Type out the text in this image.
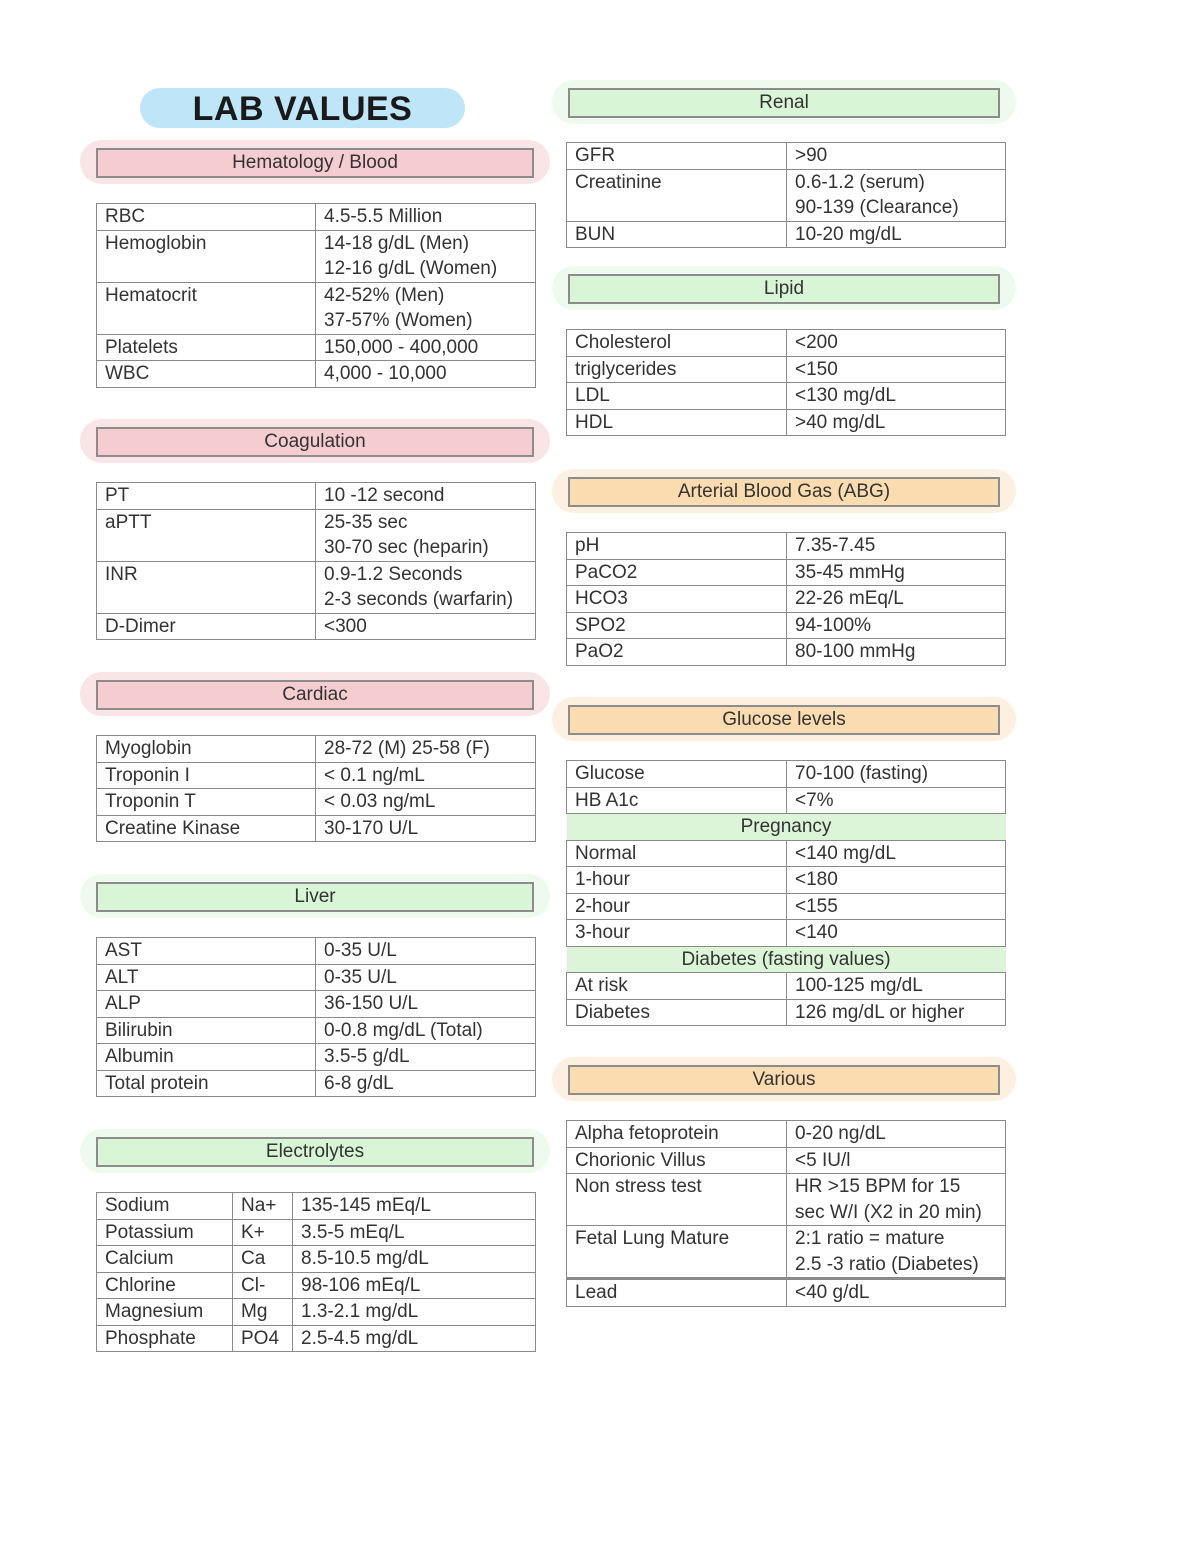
LAB VALUES
Hematology / Blood
RBC	4.5-5.5 Million

Hemoglobin	14-18 g/dL (Men)
12-16 g/dL (Women)

Hematocrit	42-52% (Men)
37-57% (Women)

Platelets	150,000 - 400,000

WBC	4,000 - 10,000
Coagulation
PT	10 -12 second

aPTT	25-35 sec
30-70 sec (heparin)

INR	0.9-1.2 Seconds
2-3 seconds (warfarin)

D-Dimer	<300
Cardiac
Myoglobin	28-72 (M) 25-58 (F)

Troponin I	< 0.1 ng/mL

Troponin T	< 0.03 ng/mL

Creatine Kinase	30-170 U/L
Liver
AST	0-35 U/L

ALT	0-35 U/L

ALP	36-150 U/L

Bilirubin	0-0.8 mg/dL (Total)

Albumin	3.5-5 g/dL

Total protein	6-8 g/dL
Electrolytes
Sodium	Na+	135-145 mEq/L
Potassium	K+	3.5-5 mEq/L
Calcium	Ca	8.5-10.5 mg/dL
Chlorine	Cl-	98-106 mEq/L
Magnesium	Mg	1.3-2.1 mg/dL
Phosphate	PO4	2.5-4.5 mg/dL
Renal
GFR	>90

Creatinine	0.6-1.2 (serum)
90-139 (Clearance)

BUN	10-20 mg/dL
Lipid
Cholesterol	<200

triglycerides	<150

LDL	<130 mg/dL

HDL	>40 mg/dL
Arterial Blood Gas (ABG)
pH	7.35-7.45

PaCO2	35-45 mmHg

HCO3	22-26 mEq/L

SPO2	94-100%

PaO2	80-100 mmHg
Glucose levels
Glucose	70-100 (fasting)

HB A1c	<7%

Pregnancy	
Normal	<140 mg/dL

1-hour	<180

2-hour	<155

3-hour	<140

Diabetes (fasting values)	
At risk	100-125 mg/dL

Diabetes	126 mg/dL or higher
Various
Alpha fetoprotein	0-20 ng/dL

Chorionic Villus	<5 IU/l

Non stress test	HR >15 BPM for 15
sec W/I (X2 in 20 min)

Fetal Lung Mature	2:1 ratio = mature
2.5 -3 ratio (Diabetes)

Lead	<40 g/dL
